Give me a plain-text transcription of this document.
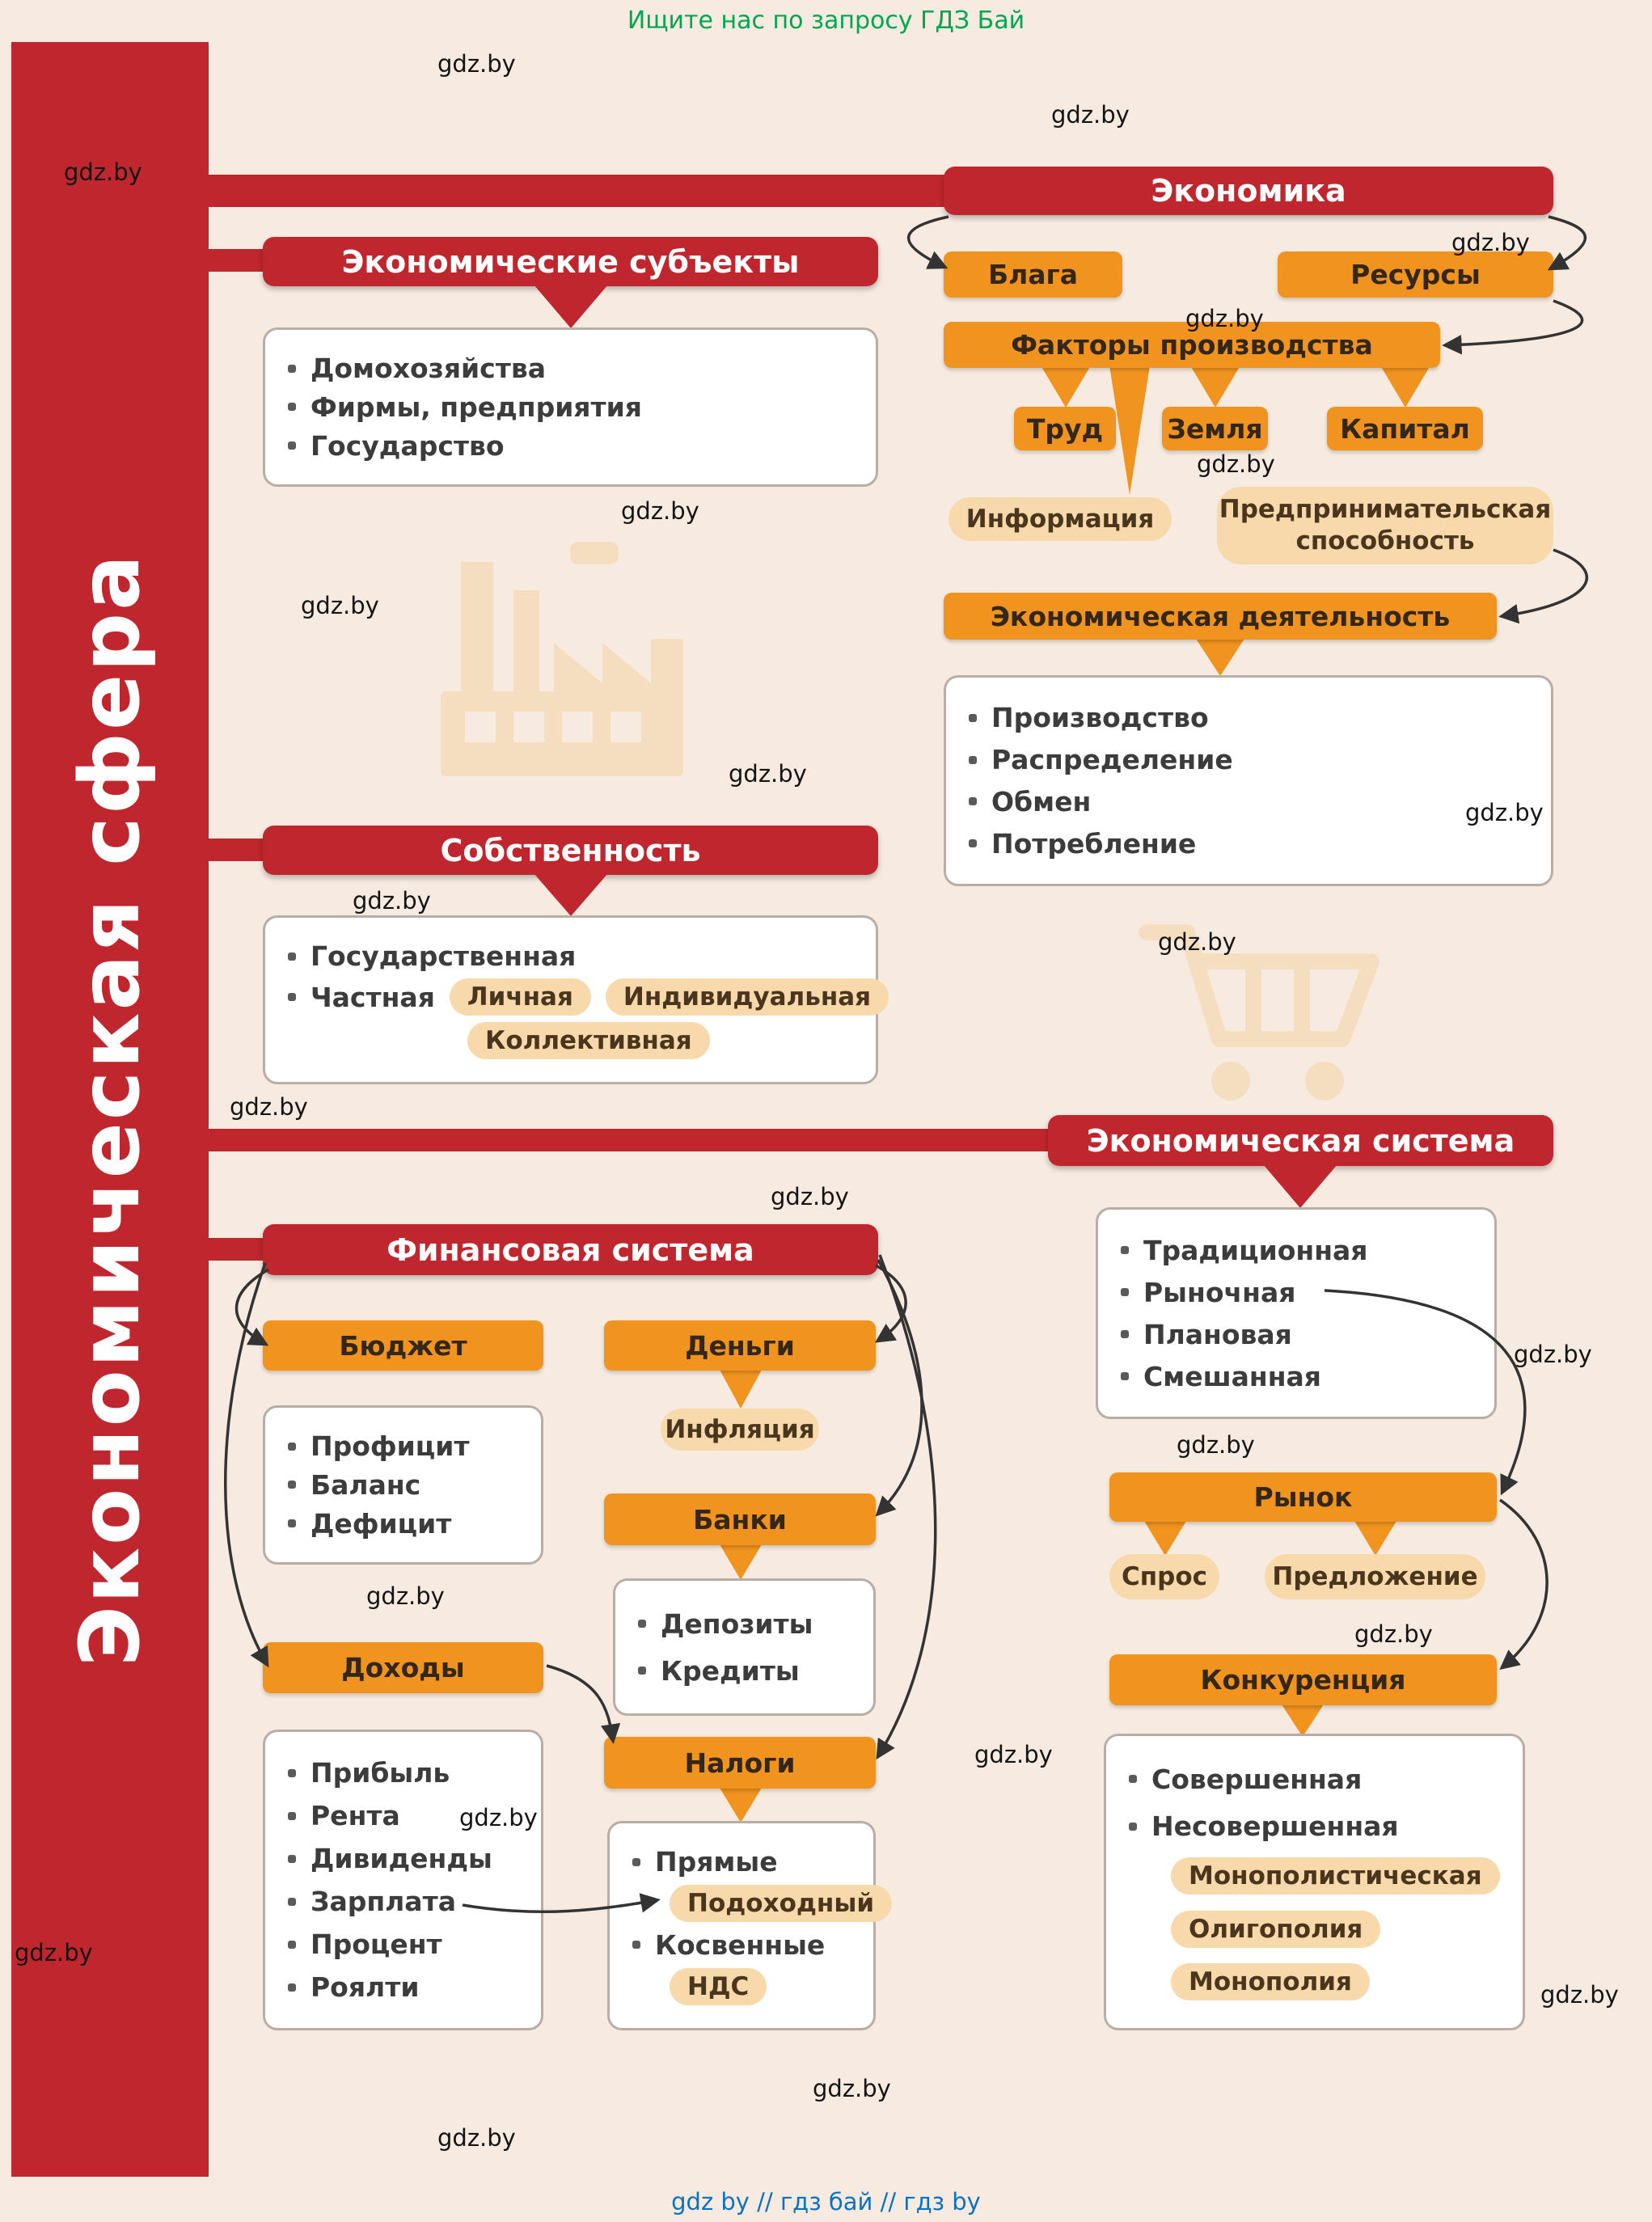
Ищите нас по запросу ГДЗ Бай
Экономическая сфера
Экономика
Экономические субъекты
Собственность
Экономическая система
Финансовая система
Блага	Ресурсы
Факторы производства
Труд	Земля	Капитал
Экономическая деятельность
Бюджет	Деньги
Банки
Доходы
Налоги
Рынок
Конкуренция
Информация	Предпринимательская способность
Инфляция
Спрос	Предложение
Домохозяйства
Фирмы, предприятия
Государство
Производство
Распределение
Обмен
Потребление
Государственная
Частная	Личная	Индивидуальная
Коллективная
Традиционная
Рыночная
Плановая
Смешанная
Профицит
Баланс
Дефицит
Депозиты
Кредиты
Прибыль
Рента
Дивиденды
Зарплата
Процент
Роялти
Прямые
Подоходный
Косвенные
НДС
Совершенная
Несовершенная
Монополистическая
Олигополия
Монополия
gdz.by
gdz.by
gdz.by
gdz.by
gdz.by
gdz.by
gdz.by
gdz.by
gdz.by
gdz.by
gdz.by
gdz.by
gdz.by
gdz.by
gdz.by
gdz.by
gdz.by
gdz.by
gdz.by
gdz.by
gdz.by
gdz.by
gdz.by
gdz.by
gdz by // гдз бай // гдз by
